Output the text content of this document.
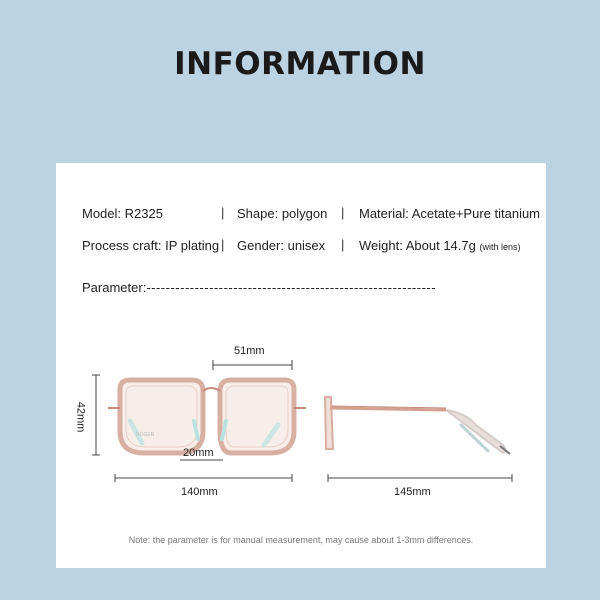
INFORMATION
Model: R2325	| Shape: polygon | Material: Acetate+Pure titanium
Process craft: IP plating | Gender: unisex | Weight: About 14.7g (with lens)
Parameter:------------------------------------------------------------
ROGER
51mm
42mm
20mm
140mm	145mm
Note: the parameter is for manual measurement, may cause about 1-3mm differences.
